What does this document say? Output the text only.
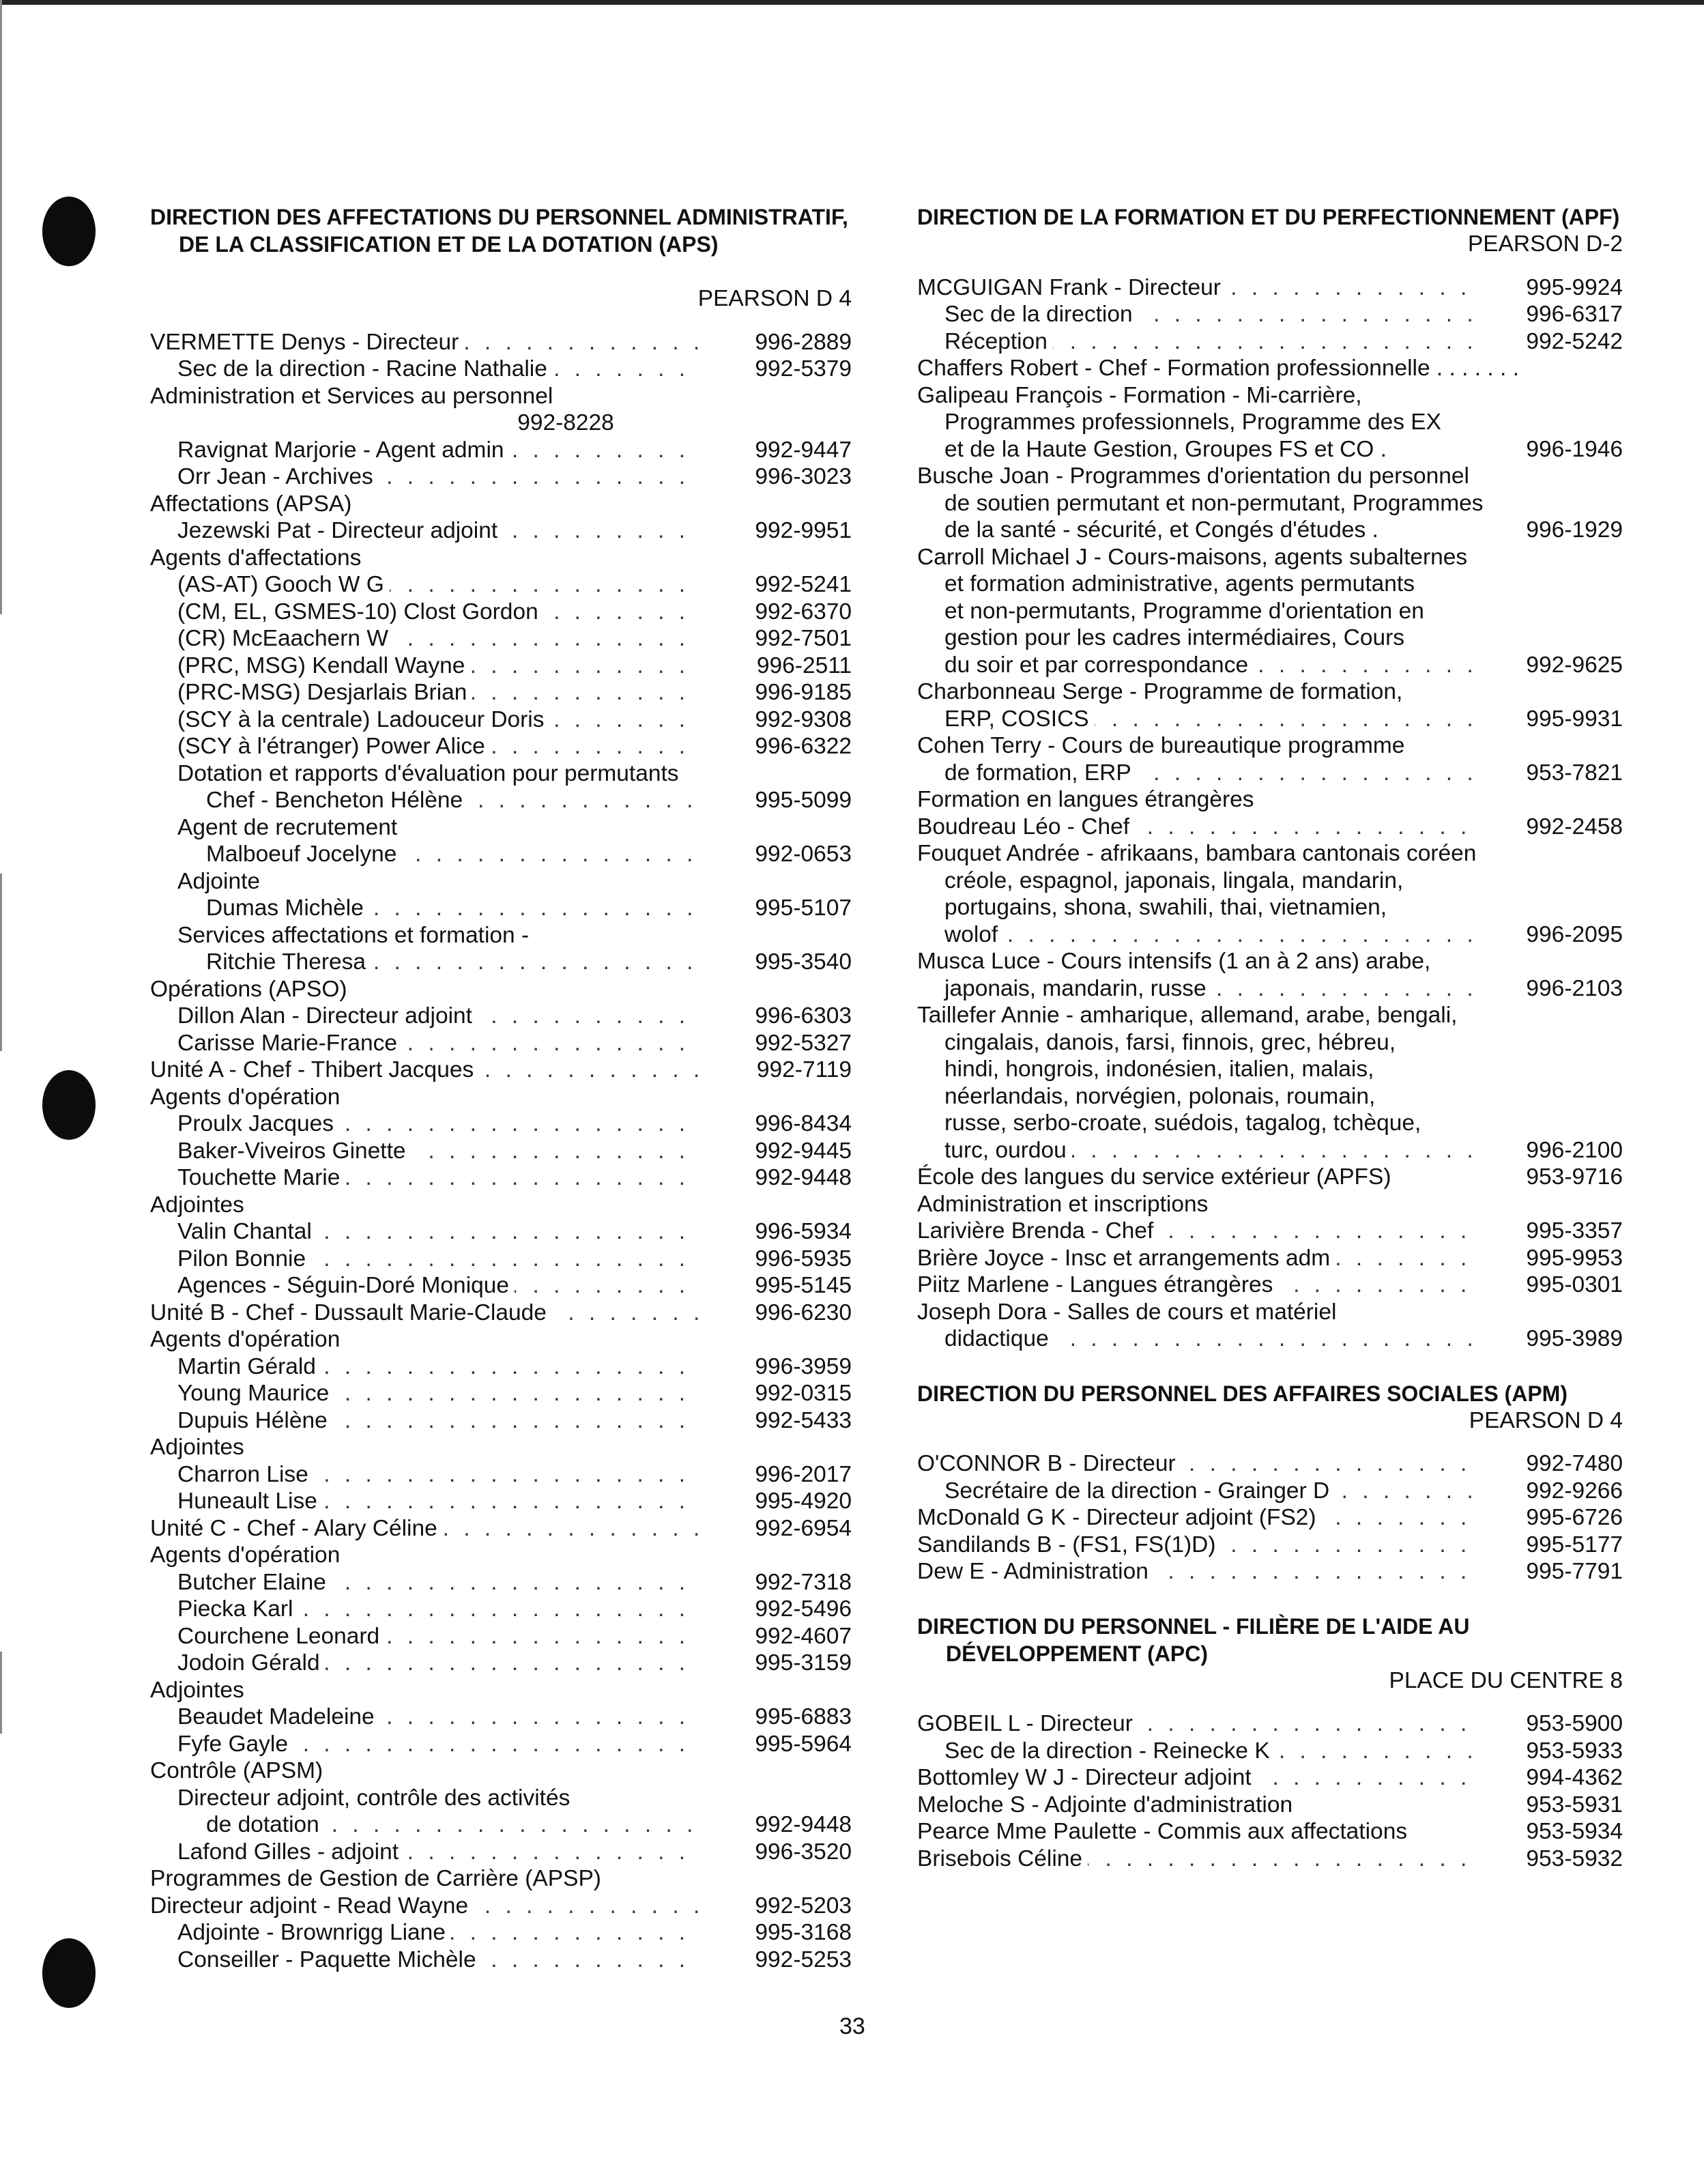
DIRECTION DES AFFECTATIONS DU PERSONNEL ADMINISTRATIF, DE LA CLASSIFICATION ET DE LA DOTATION (APS)
PEARSON D 4
VERMETTE Denys - Directeur . . .	996-2889
Sec de la direction - Racine Nathalie . . .	992-5379
Administration et Services au personnel
992-8228
Ravignat Marjorie - Agent admin . . .	992-9447
Orr Jean - Archives . . .	996-3023
Affectations (APSA)
Jezewski Pat - Directeur adjoint . . .	992-9951
Agents d'affectations
(AS-AT) Gooch W G . . .	992-5241
(CM, EL, GSMES-10) Clost Gordon . . .	992-6370
(CR) McEaachern W . . .	992-7501
(PRC, MSG) Kendall Wayne . . .	996-2511
(PRC-MSG) Desjarlais Brian . . .	996-9185
(SCY à la centrale) Ladouceur Doris . . .	992-9308
(SCY à l'étranger) Power Alice . . .	996-6322
Dotation et rapports d'évaluation pour permutants
Chef - Bencheton Hélène . . .	995-5099
Agent de recrutement
Malboeuf Jocelyne . . .	992-0653
Adjointe
Dumas Michèle . . .	995-5107
Services affectations et formation -
Ritchie Theresa . . .	995-3540
Opérations (APSO)
Dillon Alan - Directeur adjoint . . .	996-6303
Carisse Marie-France . . .	992-5327
Unité A - Chef - Thibert Jacques . . .	992-7119
Agents d'opération
Proulx Jacques . . .	996-8434
Baker-Viveiros Ginette . . .	992-9445
Touchette Marie . . .	992-9448
Adjointes
Valin Chantal . . .	996-5934
Pilon Bonnie . . .	996-5935
Agences - Séguin-Doré Monique . . .	995-5145
Unité B - Chef - Dussault Marie-Claude . . .	996-6230
Agents d'opération
Martin Gérald . . .	996-3959
Young Maurice . . .	992-0315
Dupuis Hélène . . .	992-5433
Adjointes
Charron Lise . . .	996-2017
Huneault Lise . . .	995-4920
Unité C - Chef - Alary Céline . . .	992-6954
Agents d'opération
Butcher Elaine . . .	992-7318
Piecka Karl . . .	992-5496
Courchene Leonard . . .	992-4607
Jodoin Gérald . . .	995-3159
Adjointes
Beaudet Madeleine . . .	995-6883
Fyfe Gayle . . .	995-5964
Contrôle (APSM)
Directeur adjoint, contrôle des activités
de dotation . . .	992-9448
Lafond Gilles - adjoint . . .	996-3520
Programmes de Gestion de Carrière (APSP)
Directeur adjoint - Read Wayne . . .	992-5203
Adjointe - Brownrigg Liane . . .	995-3168
Conseiller - Paquette Michèle . . .	992-5253
DIRECTION DE LA FORMATION ET DU PERFECTIONNEMENT (APF)
PEARSON D-2
MCGUIGAN Frank - Directeur . . .	995-9924
Sec de la direction . . .	996-6317
Réception . . .	992-5242
Chaffers Robert - Chef - Formation professionnelle . . . . . . .
Galipeau François - Formation - Mi-carrière,
Programmes professionnels, Programme des EX
et de la Haute Gestion, Groupes FS et CO .	996-1946
Busche Joan - Programmes d'orientation du personnel
de soutien permutant et non-permutant, Programmes
de la santé - sécurité, et Congés d'études .	996-1929
Carroll Michael J - Cours-maisons, agents subalternes
et formation administrative, agents permutants
et non-permutants, Programme d'orientation en
gestion pour les cadres intermédiaires, Cours
du soir et par correspondance . . .	992-9625
Charbonneau Serge - Programme de formation,
ERP, COSICS . . .	995-9931
Cohen Terry - Cours de bureautique programme
de formation, ERP . . .	953-7821
Formation en langues étrangères
Boudreau Léo - Chef . . .	992-2458
Fouquet Andrée - afrikaans, bambara cantonais coréen
créole, espagnol, japonais, lingala, mandarin,
portugains, shona, swahili, thai, vietnamien,
wolof . . .	996-2095
Musca Luce - Cours intensifs (1 an à 2 ans) arabe,
japonais, mandarin, russe . . .	996-2103
Taillefer Annie - amharique, allemand, arabe, bengali,
cingalais, danois, farsi, finnois, grec, hébreu,
hindi, hongrois, indonésien, italien, malais,
néerlandais, norvégien, polonais, roumain,
russe, serbo-croate, suédois, tagalog, tchèque,
turc, ourdou . . .	996-2100
École des langues du service extérieur (APFS)	953-9716
Administration et inscriptions
Larivière Brenda - Chef . . .	995-3357
Brière Joyce - Insc et arrangements adm . . .	995-9953
Piitz Marlene - Langues étrangères . . .	995-0301
Joseph Dora - Salles de cours et matériel
didactique . . .	995-3989
DIRECTION DU PERSONNEL DES AFFAIRES SOCIALES (APM)
PEARSON D 4
O'CONNOR B - Directeur . . .	992-7480
Secrétaire de la direction - Grainger D . . .	992-9266
McDonald G K - Directeur adjoint (FS2) . . .	995-6726
Sandilands B - (FS1, FS(1)D) . . .	995-5177
Dew E - Administration . . .	995-7791
DIRECTION DU PERSONNEL - FILIÈRE DE L'AIDE AU DÉVELOPPEMENT (APC)
PLACE DU CENTRE 8
GOBEIL L - Directeur . . .	953-5900
Sec de la direction - Reinecke K . . .	953-5933
Bottomley W J - Directeur adjoint . . .	994-4362
Meloche S - Adjointe d'administration	953-5931
Pearce Mme Paulette - Commis aux affectations	953-5934
Brisebois Céline . . .	953-5932
33
